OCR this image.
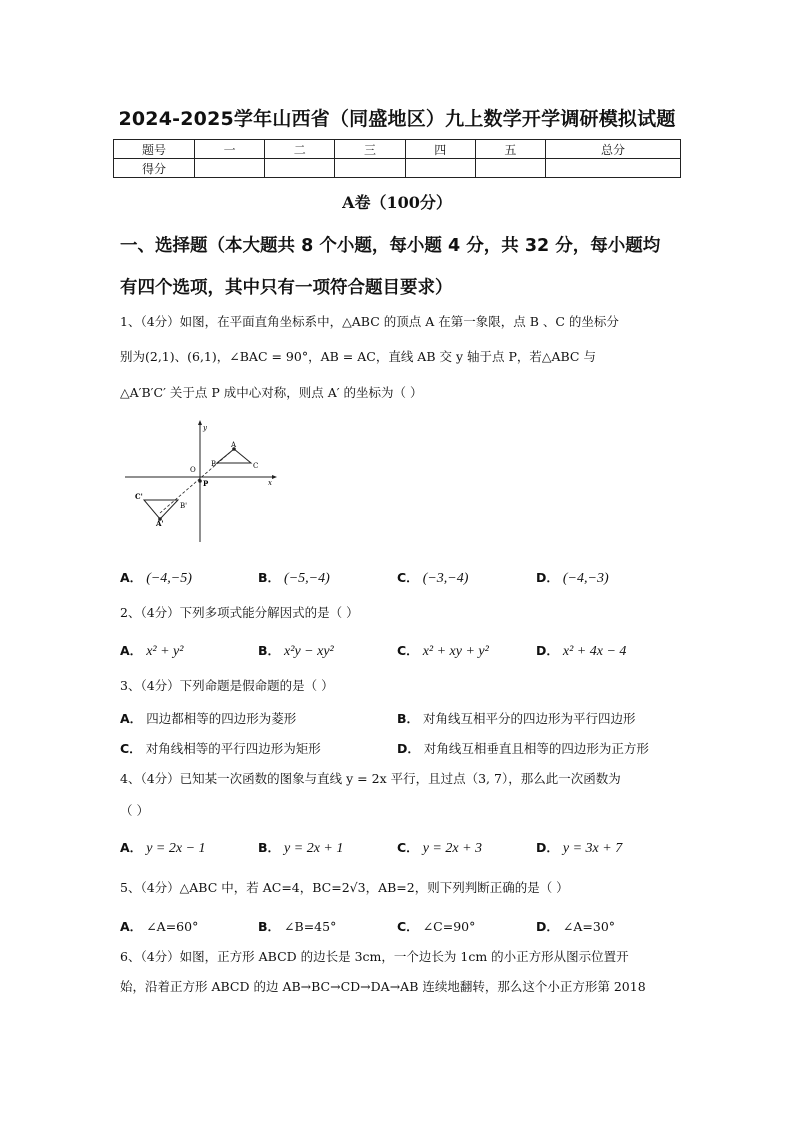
2024-2025学年山西省（同盛地区）九上数学开学调研模拟试题
题号	一	二	三	四	五	总分
得分						
A卷（100分）
一、选择题（本大题共 8 个小题，每小题 4 分，共 32 分，每小题均
有四个选项，其中只有一项符合题目要求）
1、（4分）如图，在平面直角坐标系中，△ABC 的顶点 A 在第一象限，点 B 、C 的坐标分
别为(2,1)、(6,1)，∠BAC = 90°，AB = AC，直线 AB 交 y 轴于点 P，若△ABC 与
△A′B′C′ 关于点 P 成中心对称，则点 A′ 的坐标为（ ）
y
x
O
A
B	C
P
A'
B'
C'
A． (−4,−5)	B． (−5,−4)	C． (−3,−4)	D． (−4,−3)
2、（4分）下列多项式能分解因式的是（ ）
A． x² + y²	B． x²y − xy²	C． x² + xy + y²	D． x² + 4x − 4
3、（4分）下列命题是假命题的是（ ）
A． 四边都相等的四边形为菱形	B． 对角线互相平分的四边形为平行四边形
C． 对角线相等的平行四边形为矩形	D． 对角线互相垂直且相等的四边形为正方形
4、（4分）已知某一次函数的图象与直线 y = 2x 平行，且过点（3, 7），那么此一次函数为
（ ）
A． y = 2x − 1	B． y = 2x + 1	C． y = 2x + 3	D． y = 3x + 7
5、（4分）△ABC 中，若 AC=4，BC=2√3，AB=2，则下列判断正确的是（ ）
A． ∠A=60°	B． ∠B=45°	C． ∠C=90°	D． ∠A=30°
6、（4分）如图，正方形 ABCD 的边长是 3cm，一个边长为 1cm 的小正方形从图示位置开
始，沿着正方形 ABCD 的边 AB→BC→CD→DA→AB 连续地翻转，那么这个小正方形第 2018
